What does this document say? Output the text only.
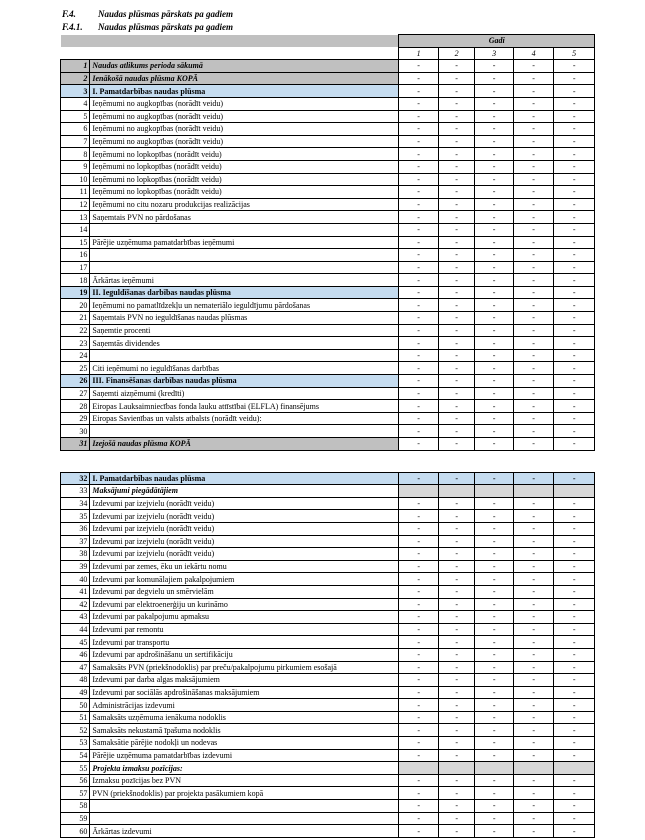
F.4.	Naudas plūsmas pārskats pa gadiem
F.4.1.	Naudas plūsmas pārskats pa gadiem
		Gadi				
		1	2	3	4	5
1	Naudas atlikums perioda sākumā	-	-	-	-	-
2	Ienākošā naudas plūsma KOPĀ	-	-	-	-	-
3	I. Pamatdarbības naudas plūsma	-	-	-	-	-
4	Ieņēmumi no augkopības (norādīt veidu)	-	-	-	-	-
5	Ieņēmumi no augkopības (norādīt veidu)	-	-	-	-	-
6	Ieņēmumi no augkopības (norādīt veidu)	-	-	-	-	-
7	Ieņēmumi no augkopības (norādīt veidu)	-	-	-	-	-
8	Ieņēmumi no lopkopības (norādīt veidu)	-	-	-	-	-
9	Ieņēmumi no lopkopības (norādīt veidu)	-	-	-	-	-
10	Ieņēmumi no lopkopības (norādīt veidu)	-	-	-	-	-
11	Ieņēmumi no lopkopības (norādīt veidu)	-	-	-	-	-
12	Ieņēmumi no citu nozaru produkcijas realizācijas	-	-	-	-	-
13	Saņemtais PVN no pārdošanas	-	-	-	-	-
14		-	-	-	-	-
15	Pārējie uzņēmuma pamatdarbības ieņēmumi	-	-	-	-	-
16		-	-	-	-	-
17		-	-	-	-	-
18	Ārkārtas ieņēmumi	-	-	-	-	-
19	II. Ieguldīšanas darbības naudas plūsma	-	-	-	-	-
20	Ieņēmumi no pamatlīdzekļu un nemateriālo ieguldījumu pārdošanas	-	-	-	-	-
21	Saņemtais PVN no ieguldīšanas naudas plūsmas	-	-	-	-	-
22	Saņemtie procenti	-	-	-	-	-
23	Saņemtās dividendes	-	-	-	-	-
24		-	-	-	-	-
25	Citi ieņēmumi no ieguldīšanas darbības	-	-	-	-	-
26	III. Finansēšanas darbības naudas plūsma	-	-	-	-	-
27	Saņemti aizņēmumi (kredīti)	-	-	-	-	-
28	Eiropas Lauksaimniecības fonda lauku attīstībai (ELFLA) finansējums	-	-	-	-	-
29	Eiropas Savienības un valsts atbalsts (norādīt veidu):	-	-	-	-	-
30		-	-	-	-	-
31	Izejošā naudas plūsma KOPĀ	-	-	-	-	-
32	I. Pamatdarbības naudas plūsma	-	-	-	-	-
33	Maksājumi piegādātājiem					
34	Izdevumi par izejvielu (norādīt veidu)	-	-	-	-	-
35	Izdevumi par izejvielu (norādīt veidu)	-	-	-	-	-
36	Izdevumi par izejvielu (norādīt veidu)	-	-	-	-	-
37	Izdevumi par izejvielu (norādīt veidu)	-	-	-	-	-
38	Izdevumi par izejvielu (norādīt veidu)	-	-	-	-	-
39	Izdevumi par zemes, ēku un iekārtu nomu	-	-	-	-	-
40	Izdevumi par komunālajiem pakalpojumiem	-	-	-	-	-
41	Izdevumi par degvielu un smērvielām	-	-	-	-	-
42	Izdevumi par elektroenerģiju un kurināmo	-	-	-	-	-
43	Izdevumi par pakalpojumu apmaksu	-	-	-	-	-
44	Izdevumi par remontu	-	-	-	-	-
45	Izdevumi par transportu	-	-	-	-	-
46	Izdevumi par apdrošināšanu un sertifikāciju	-	-	-	-	-
47	Samaksāts PVN (priekšnodoklis) par preču/pakalpojumu pirkumiem esošajā	-	-	-	-	-
48	Izdevumi par darba algas maksājumiem	-	-	-	-	-
49	Izdevumi par sociālās apdrošināšanas maksājumiem	-	-	-	-	-
50	Administrācijas izdevumi	-	-	-	-	-
51	Samaksāts uzņēmuma ienākuma nodoklis	-	-	-	-	-
52	Samaksāts nekustamā īpašuma nodoklis	-	-	-	-	-
53	Samaksātie pārējie nodokļi un nodevas	-	-	-	-	-
54	Pārējie uzņēmuma pamatdarbības izdevumi	-	-	-	-	-
55	Projekta izmaksu pozīcijas:					
56	Izmaksu pozīcijas bez PVN	-	-	-	-	-
57	PVN (priekšnodoklis) par projekta pasākumiem kopā	-	-	-	-	-
58		-	-	-	-	-
59		-	-	-	-	-
60	Ārkārtas izdevumi	-	-	-	-	-
